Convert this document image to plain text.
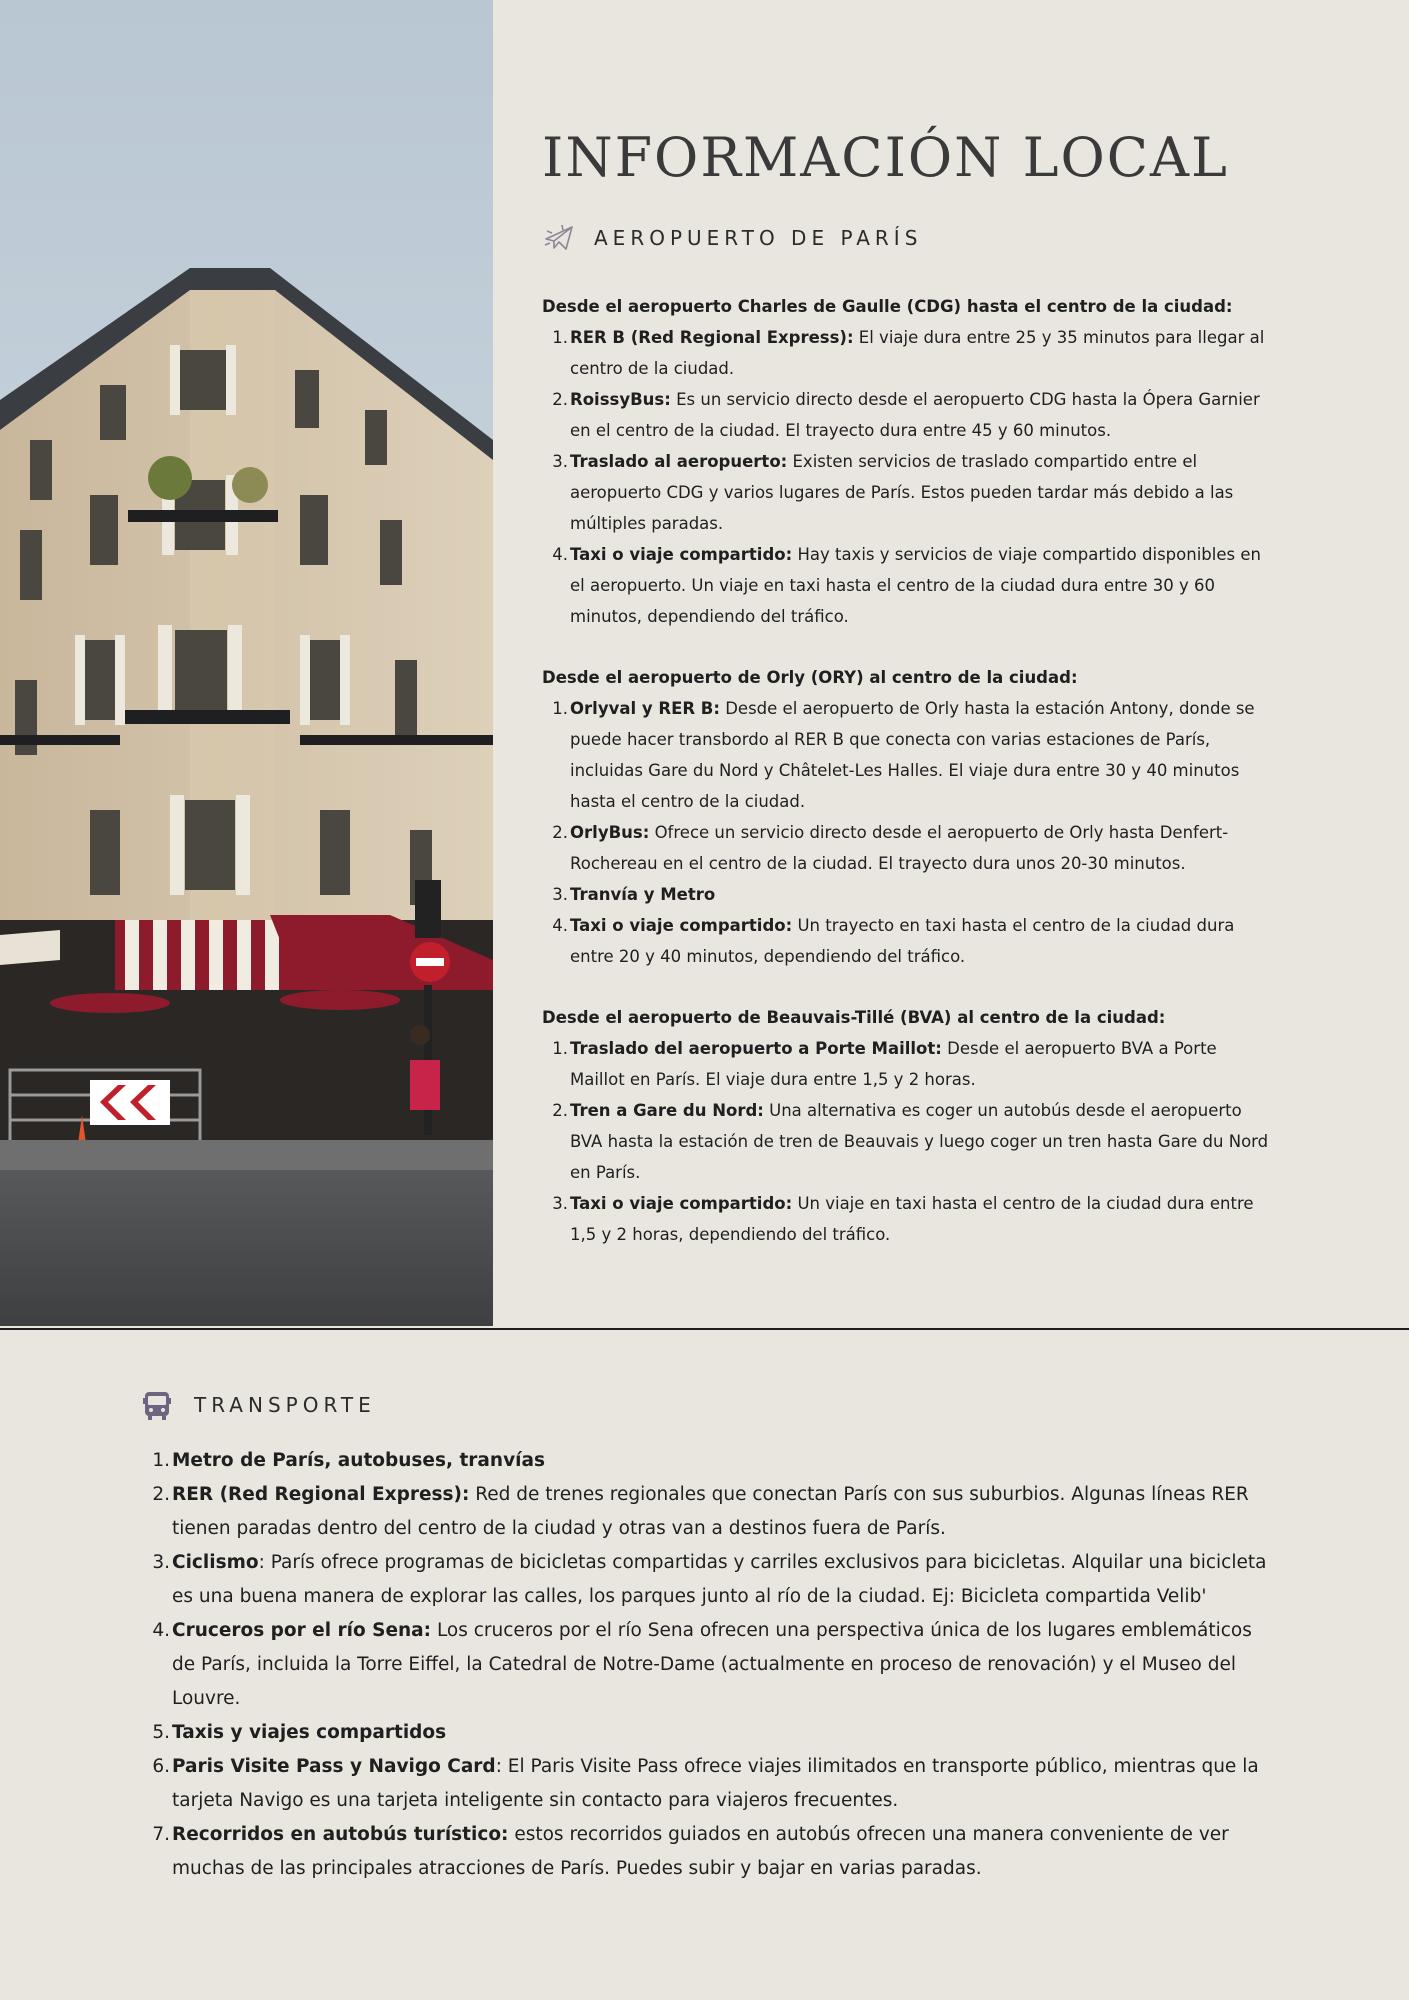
INFORMACIÓN LOCAL
AEROPUERTO DE PARÍS
Desde el aeropuerto Charles de Gaulle (CDG) hasta el centro de la ciudad:
1. RER B (Red Regional Express): El viaje dura entre 25 y 35 minutos para llegar al centro de la ciudad.
2. RoissyBus: Es un servicio directo desde el aeropuerto CDG hasta la Ópera Garnier en el centro de la ciudad. El trayecto dura entre 45 y 60 minutos.
3. Traslado al aeropuerto: Existen servicios de traslado compartido entre el aeropuerto CDG y varios lugares de París. Estos pueden tardar más debido a las múltiples paradas.
4. Taxi o viaje compartido: Hay taxis y servicios de viaje compartido disponibles en el aeropuerto. Un viaje en taxi hasta el centro de la ciudad dura entre 30 y 60 minutos, dependiendo del tráfico.
Desde el aeropuerto de Orly (ORY) al centro de la ciudad:
1. Orlyval y RER B: Desde el aeropuerto de Orly hasta la estación Antony, donde se puede hacer transbordo al RER B que conecta con varias estaciones de París, incluidas Gare du Nord y Châtelet-Les Halles. El viaje dura entre 30 y 40 minutos hasta el centro de la ciudad.
2. OrlyBus: Ofrece un servicio directo desde el aeropuerto de Orly hasta Denfert-Rochereau en el centro de la ciudad. El trayecto dura unos 20-30 minutos.
3. Tranvía y Metro
4. Taxi o viaje compartido: Un trayecto en taxi hasta el centro de la ciudad dura entre 20 y 40 minutos, dependiendo del tráfico.
Desde el aeropuerto de Beauvais-Tillé (BVA) al centro de la ciudad:
1. Traslado del aeropuerto a Porte Maillot: Desde el aeropuerto BVA a Porte Maillot en París. El viaje dura entre 1,5 y 2 horas.
2. Tren a Gare du Nord: Una alternativa es coger un autobús desde el aeropuerto BVA hasta la estación de tren de Beauvais y luego coger un tren hasta Gare du Nord en París.
3. Taxi o viaje compartido: Un viaje en taxi hasta el centro de la ciudad dura entre 1,5 y 2 horas, dependiendo del tráfico.
TRANSPORTE
1. Metro de París, autobuses, tranvías
2. RER (Red Regional Express): Red de trenes regionales que conectan París con sus suburbios. Algunas líneas RER tienen paradas dentro del centro de la ciudad y otras van a destinos fuera de París.
3. Ciclismo: París ofrece programas de bicicletas compartidas y carriles exclusivos para bicicletas. Alquilar una bicicleta es una buena manera de explorar las calles, los parques junto al río de la ciudad. Ej: Bicicleta compartida Velib'
4. Cruceros por el río Sena: Los cruceros por el río Sena ofrecen una perspectiva única de los lugares emblemáticos de París, incluida la Torre Eiffel, la Catedral de Notre-Dame (actualmente en proceso de renovación) y el Museo del Louvre.
5. Taxis y viajes compartidos
6. Paris Visite Pass y Navigo Card: El Paris Visite Pass ofrece viajes ilimitados en transporte público, mientras que la tarjeta Navigo es una tarjeta inteligente sin contacto para viajeros frecuentes.
7. Recorridos en autobús turístico: estos recorridos guiados en autobús ofrecen una manera conveniente de ver muchas de las principales atracciones de París. Puedes subir y bajar en varias paradas.
